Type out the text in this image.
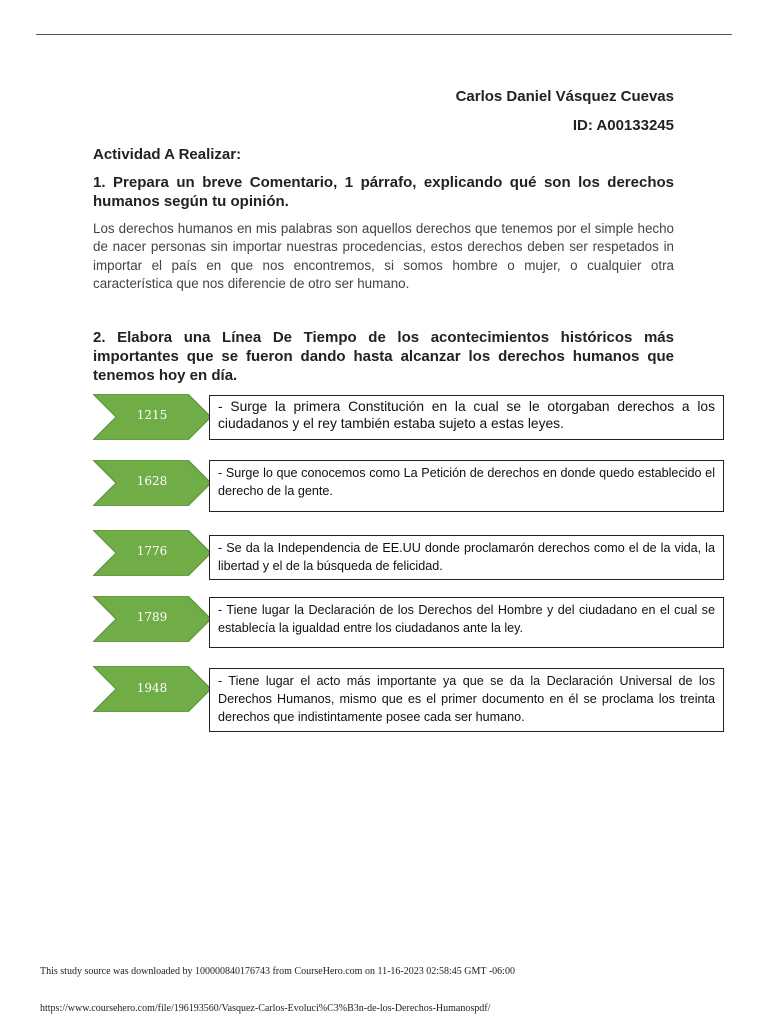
Carlos Daniel Vásquez Cuevas
ID: A00133245
Actividad A Realizar:
1. Prepara un breve Comentario, 1 párrafo, explicando qué son los derechos humanos según tu opinión.
Los derechos humanos en mis palabras son aquellos derechos que tenemos por el simple hecho de nacer personas sin importar nuestras procedencias, estos derechos deben ser respetados in importar el país en que nos encontremos, si somos hombre o mujer, o cualquier otra característica que nos diferencie de otro ser humano.
2. Elabora una Línea De Tiempo de los acontecimientos históricos más importantes que se fueron dando hasta alcanzar los derechos humanos que tenemos hoy en día.
1215
- Surge la primera Constitución en la cual se le otorgaban derechos a los ciudadanos y el rey también estaba sujeto a estas leyes.
1628
- Surge lo que conocemos como La Petición de derechos en donde quedo establecido el derecho de la gente.
1776	- Se da la Independencia de EE.UU donde proclamarón derechos como el de la vida, la libertad y el de la búsqueda de felicidad.
1789	- Tiene lugar la Declaración de los Derechos del Hombre y del ciudadano en el cual se establecía la igualdad entre los ciudadanos ante la ley.
1948	- Tiene lugar el acto más importante ya que se da la Declaración Universal de los Derechos Humanos, mismo que es el primer documento en él se proclama los treinta derechos que indistintamente posee cada ser humano.
This study source was downloaded by 100000840176743 from CourseHero.com on 11-16-2023 02:58:45 GMT -06:00
https://www.coursehero.com/file/196193560/Vasquez-Carlos-Evoluci%C3%B3n-de-los-Derechos-Humanospdf/
